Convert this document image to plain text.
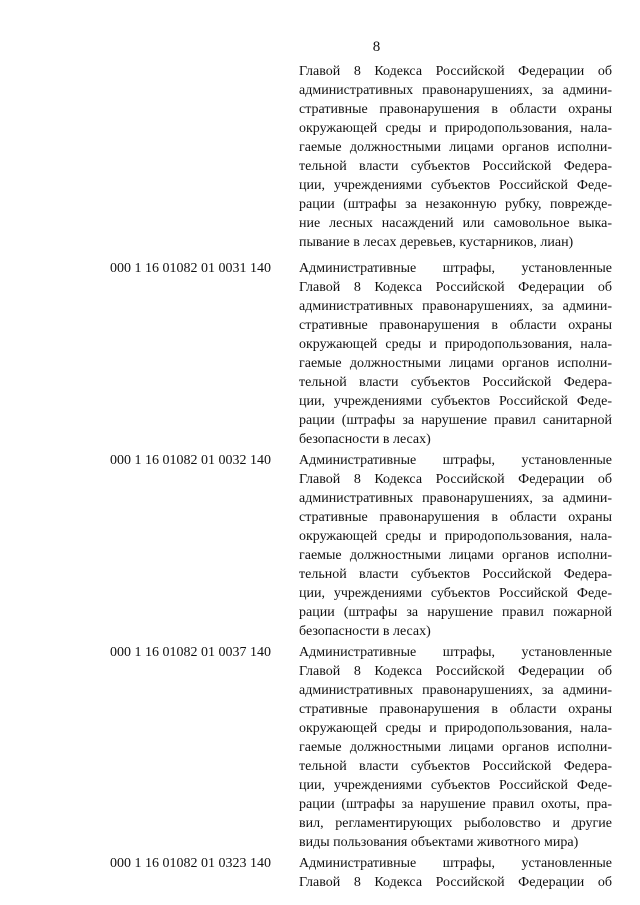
8
Главой 8 Кодекса Российской Федерации об
административных правонарушениях, за админи-
стративные правонарушения в области охраны
окружающей среды и природопользования, нала-
гаемые должностными лицами органов исполни-
тельной власти субъектов Российской Федера-
ции, учреждениями субъектов Российской Феде-
рации (штрафы за незаконную рубку, поврежде-
ние лесных насаждений или самовольное выка-
пывание в лесах деревьев, кустарников, лиан)
000 1 16 01082 01 0031 140 Административные штрафы, установленные
Главой 8 Кодекса Российской Федерации об
административных правонарушениях, за админи-
стративные правонарушения в области охраны
окружающей среды и природопользования, нала-
гаемые должностными лицами органов исполни-
тельной власти субъектов Российской Федера-
ции, учреждениями субъектов Российской Феде-
рации (штрафы за нарушение правил санитарной
безопасности в лесах)
000 1 16 01082 01 0032 140 Административные штрафы, установленные
Главой 8 Кодекса Российской Федерации об
административных правонарушениях, за админи-
стративные правонарушения в области охраны
окружающей среды и природопользования, нала-
гаемые должностными лицами органов исполни-
тельной власти субъектов Российской Федера-
ции, учреждениями субъектов Российской Феде-
рации (штрафы за нарушение правил пожарной
безопасности в лесах)
000 1 16 01082 01 0037 140 Административные штрафы, установленные
Главой 8 Кодекса Российской Федерации об
административных правонарушениях, за админи-
стративные правонарушения в области охраны
окружающей среды и природопользования, нала-
гаемые должностными лицами органов исполни-
тельной власти субъектов Российской Федера-
ции, учреждениями субъектов Российской Феде-
рации (штрафы за нарушение правил охоты, пра-
вил, регламентирующих рыболовство и другие
виды пользования объектами животного мира)
000 1 16 01082 01 0323 140 Административные штрафы, установленные
Главой 8 Кодекса Российской Федерации об
